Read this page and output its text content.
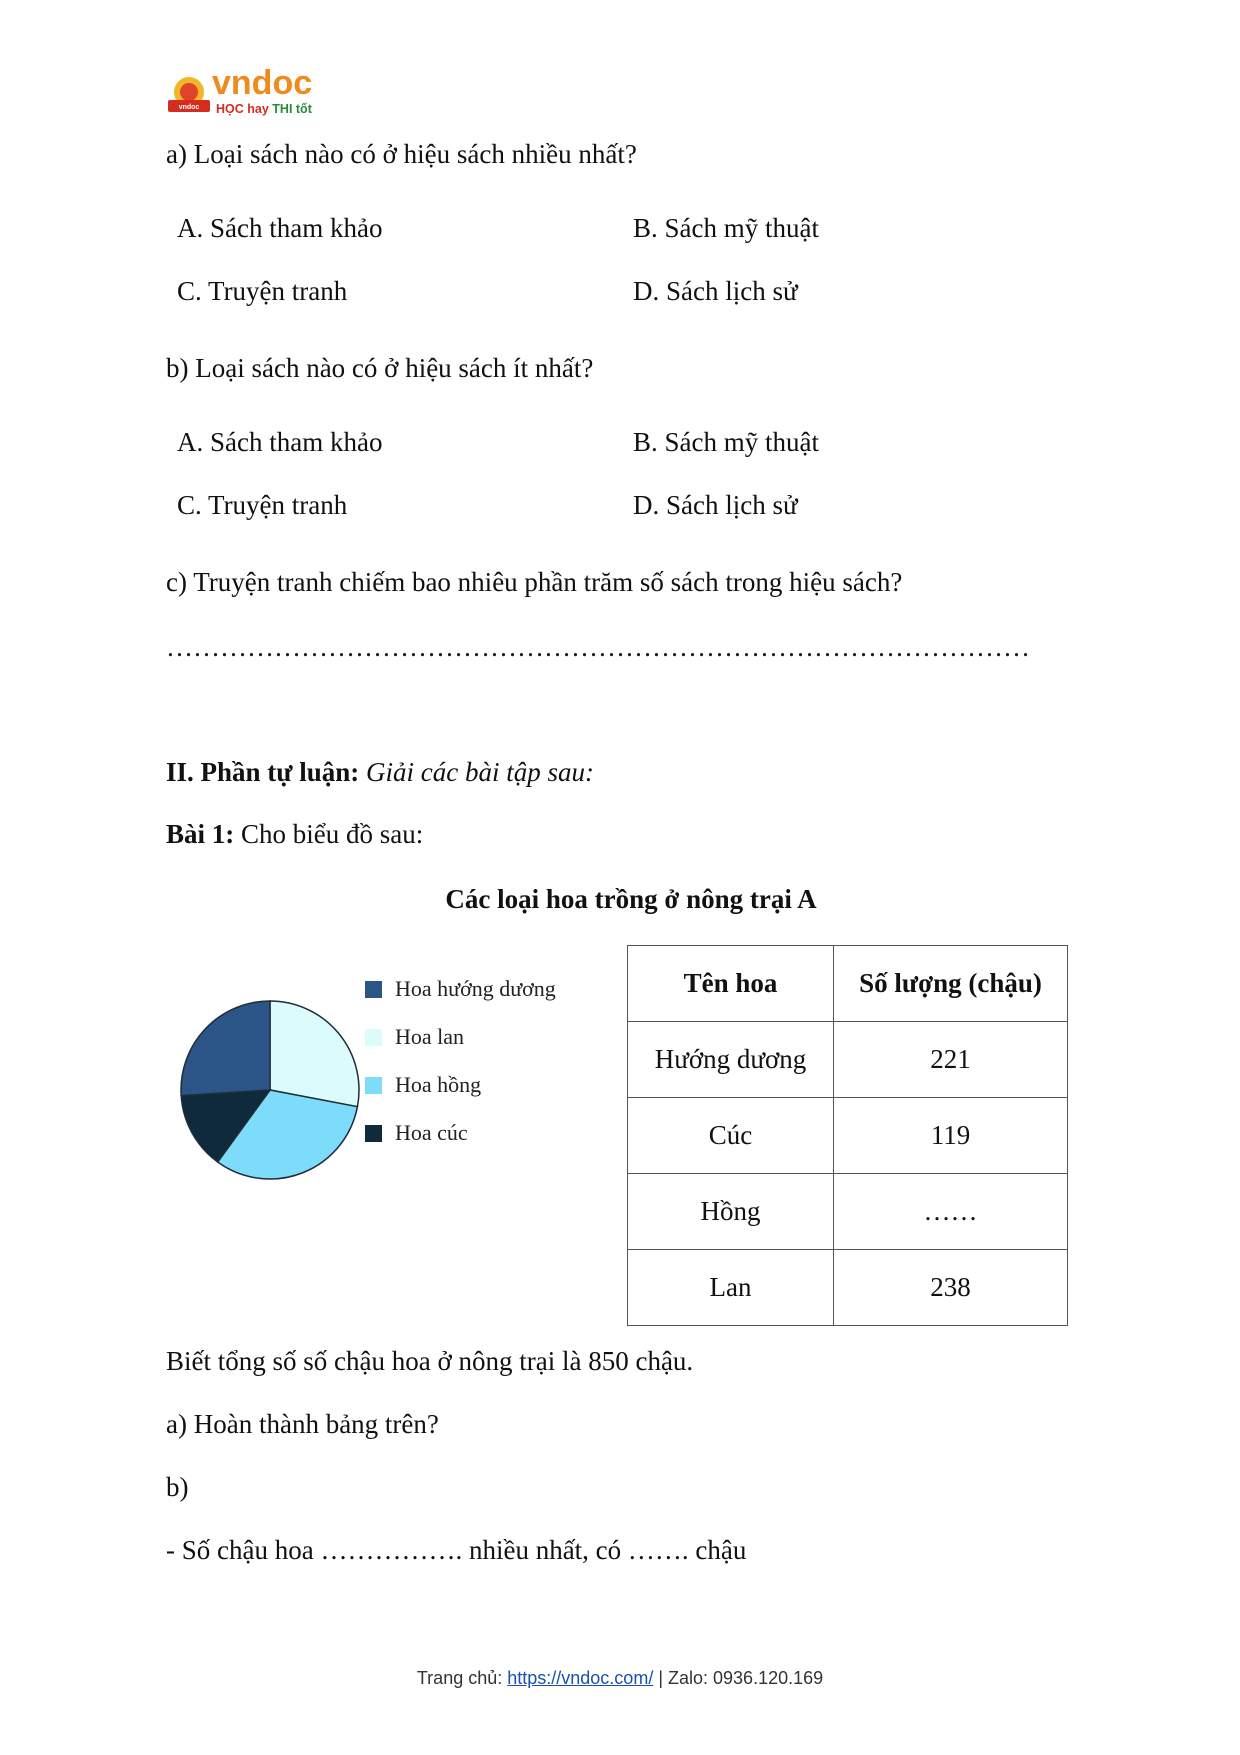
vndoc
vndoc
HỌC hay THI tốt
a) Loại sách nào có ở hiệu sách nhiều nhất?
A. Sách tham khảo	B. Sách mỹ thuật
C. Truyện tranh	D. Sách lịch sử
b) Loại sách nào có ở hiệu sách ít nhất?
A. Sách tham khảo	B. Sách mỹ thuật
C. Truyện tranh	D. Sách lịch sử
c) Truyện tranh chiếm bao nhiêu phần trăm số sách trong hiệu sách?
……………………………………………………………………………………
II. Phần tự luận: Giải các bài tập sau:
Bài 1: Cho biểu đồ sau:
Các loại hoa trồng ở nông trại A
Hoa hướng dương
Hoa lan
Hoa hồng
Hoa cúc
Tên hoa	Số lượng (chậu)
Hướng dương	221
Cúc	119
Hồng	……
Lan	238
Biết tổng số số chậu hoa ở nông trại là 850 chậu.
a) Hoàn thành bảng trên?
b)
- Số chậu hoa ……………. nhiều nhất, có ……. chậu
Trang chủ: https://vndoc.com/ | Zalo: 0936.120.169
